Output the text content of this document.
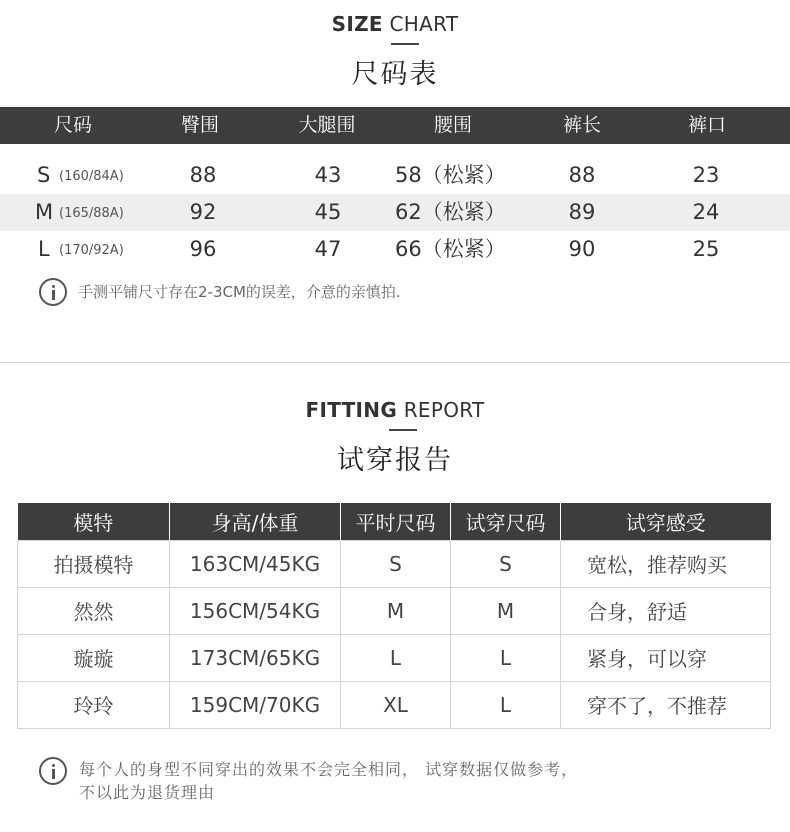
SIZE CHART
尺码表
尺码	臀围	大腿围	腰围	裤长	裤口
S (160/84A)	88	43	58（松紧）	88	23
M (165/88A)	92	45	62（松紧）	89	24
L (170/92A)	96	47	66（松紧）	90	25
手测平铺尺寸存在2-3CM的误差，介意的亲慎拍.
FITTING REPORT
试穿报告
模特	身高/体重	平时尺码	试穿尺码	试穿感受
拍摄模特	163CM/45KG	S	S	宽松，推荐购买
然然	156CM/54KG	M	M	合身，舒适
璇璇	173CM/65KG	L	L	紧身，可以穿
玲玲	159CM/70KG	XL	L	穿不了，不推荐
每个人的身型不同穿出的效果不会完全相同， 试穿数据仅做参考，
不以此为退货理由
